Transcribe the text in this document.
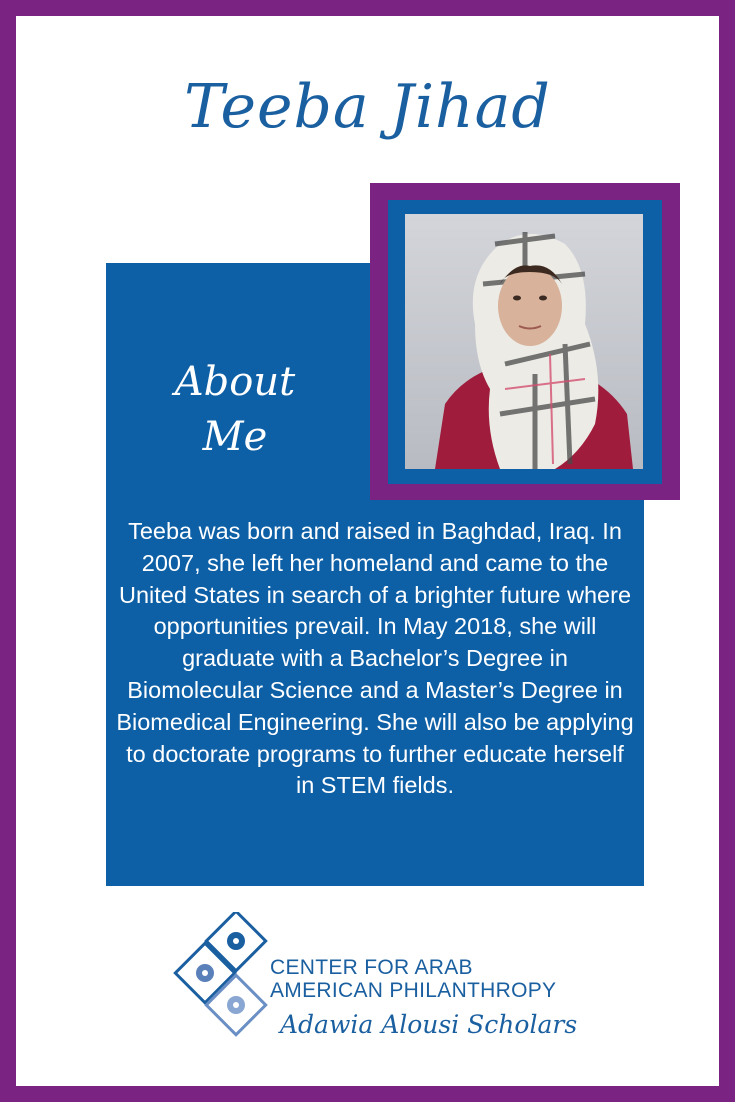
Teeba Jihad
About
Me
Teeba was born and raised in Baghdad, Iraq. In 2007, she left her homeland and came to the United States in search of a brighter future where opportunities prevail. In May 2018, she will graduate with a Bachelor’s Degree in Biomolecular Science and a Master’s Degree in Biomedical Engineering. She will also be applying to doctorate programs to further educate herself in STEM fields.
CENTER FOR ARAB
AMERICAN PHILANTHROPY
Adawia Alousi Scholars
